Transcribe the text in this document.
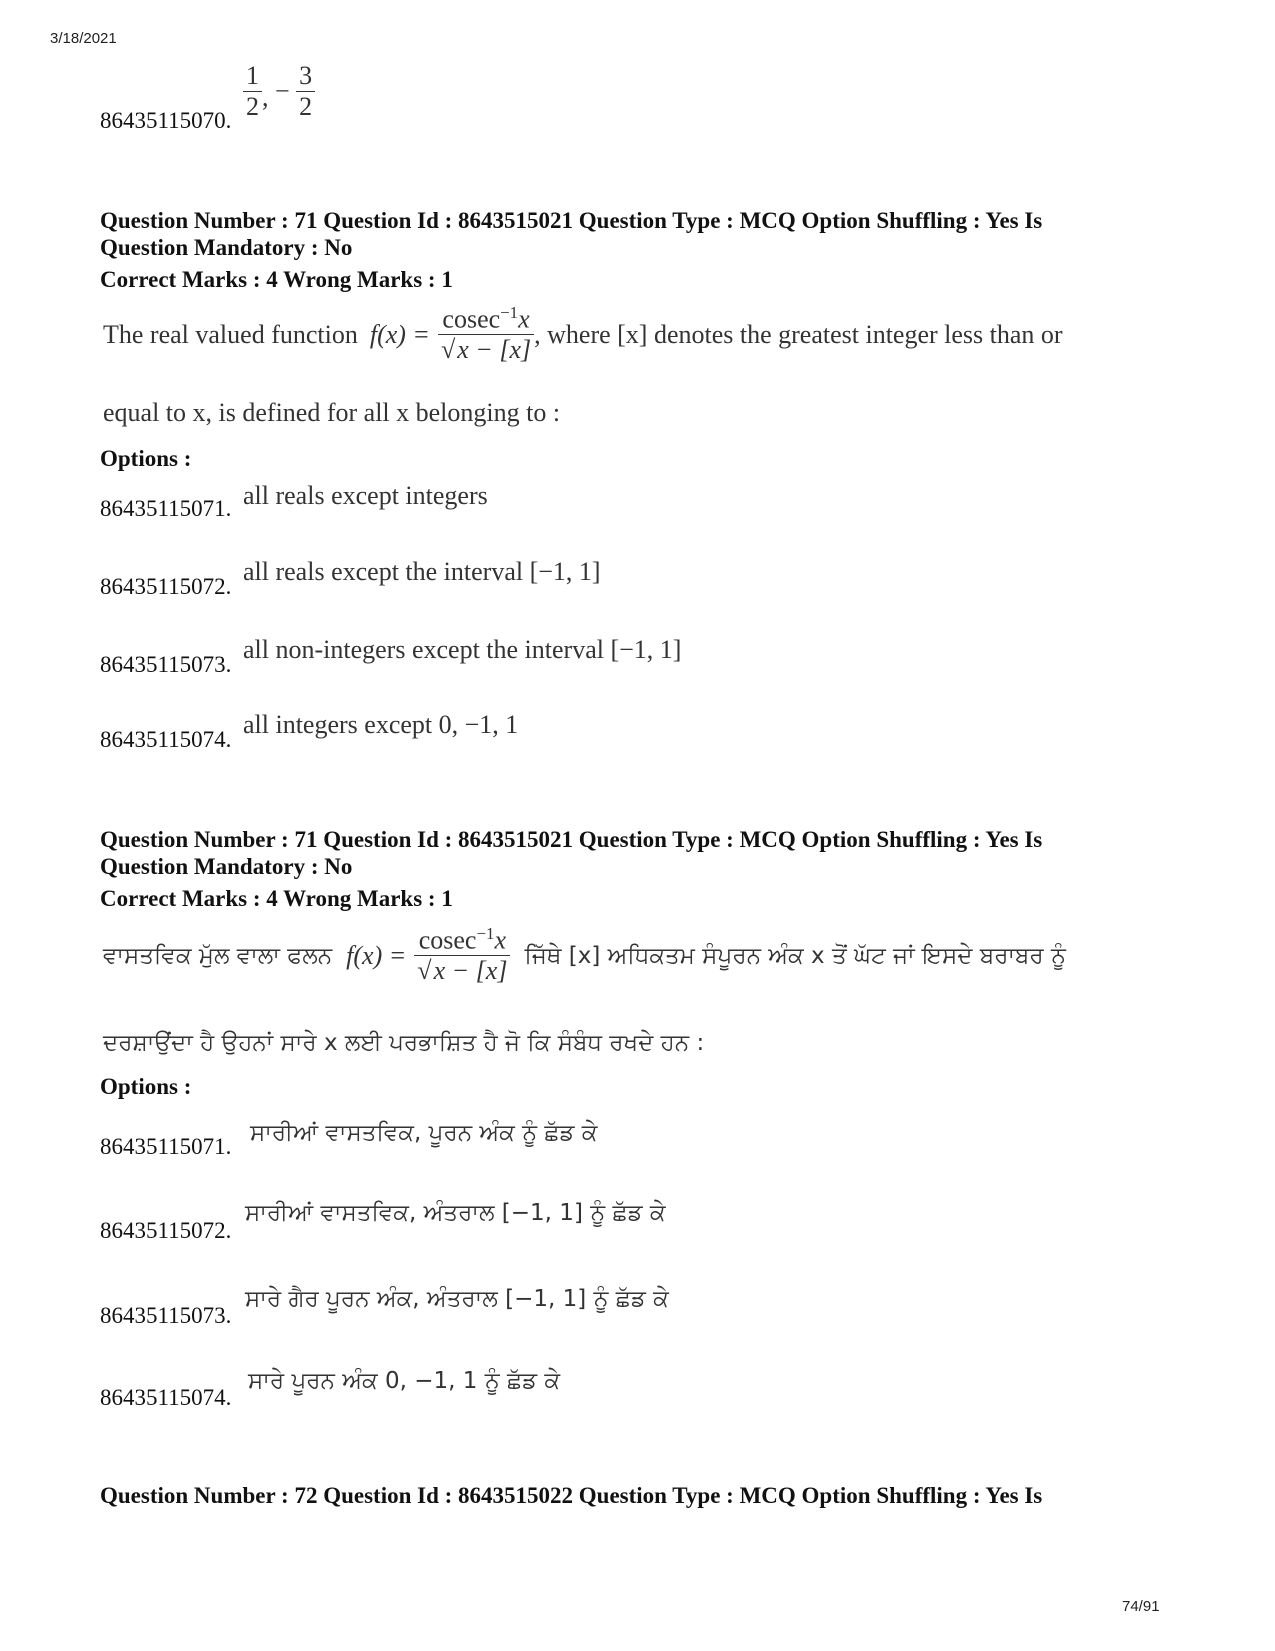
3/18/2021
74/91
86435115070. $\frac{1}{2}$ , − $\frac{3}{2}$
Question Number : 71 Question Id : 8643515021 Question Type : MCQ Option Shuffling : Yes Is
Question Mandatory : No
Correct Marks : 4 Wrong Marks : 1
The real valued function $f(x) = \frac{cosec^{-1}x}{√x - [x]}$ , where [x] denotes the greatest integer less than or
equal to x, is defined for all x belonging to :
Options :
86435115071. all reals except integers
86435115072.
all reals except the interval [−1, 1]
86435115073.
all non-integers except the interval [−1, 1]
86435115074.
all integers except 0, −1, 1
Question Number : 71 Question Id : 8643515021 Question Type : MCQ Option Shuffling : Yes Is
Question Mandatory : No
Correct Marks : 4 Wrong Marks : 1
ਵਾਸਤਵਿਕ ਮੁੱਲ ਵਾਲਾ ਫਲਨ $f(x) = \frac{cosec^{-1}x}{√x - [x]}$ ਜਿੱਥੇ [x] ਅਧਿਕਤਮ ਸੰਪੂਰਨ ਅੰਕ x ਤੋਂ ਘੱਟ ਜਾਂ ਇਸਦੇ ਬਰਾਬਰ ਨੂੰ
ਦਰਸ਼ਾਉਂਦਾ ਹੈ ਉਹਨਾਂ ਸਾਰੇ x ਲਈ ਪਰਭਾਸ਼ਿਤ ਹੈ ਜੋ ਕਿ ਸੰਬੰਧ ਰਖਦੇ ਹਨ :
Options :
86435115071.
ਸਾਰੀਆਂ ਵਾਸਤਵਿਕ, ਪੂਰਨ ਅੰਕ ਨੂੰ ਛੱਡ ਕੇ
86435115072.
ਸਾਰੀਆਂ ਵਾਸਤਵਿਕ, ਅੰਤਰਾਲ [−1, 1] ਨੂੰ ਛੱਡ ਕੇ
86435115073.
ਸਾਰੇ ਗੈਰ ਪੂਰਨ ਅੰਕ, ਅੰਤਰਾਲ [−1, 1] ਨੂੰ ਛੱਡ ਕੇ
86435115074.
ਸਾਰੇ ਪੂਰਨ ਅੰਕ 0, −1, 1 ਨੂੰ ਛੱਡ ਕੇ
Question Number : 72 Question Id : 8643515022 Question Type : MCQ Option Shuffling : Yes Is
